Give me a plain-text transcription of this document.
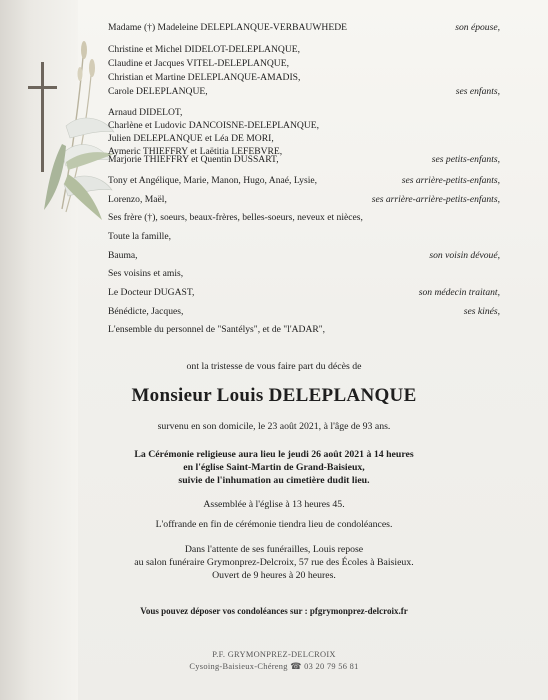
Madame (†) Madeleine DELEPLANQUE-VERBAUWHEDE	son épouse,
Christine et Michel DIDELOT-DELEPLANQUE,
Claudine et Jacques VITEL-DELEPLANQUE,
Christian et Martine DELEPLANQUE-AMADIS,
Carole DELEPLANQUE,	ses enfants,
Arnaud DIDELOT,
Charlène et Ludovic DANCOISNE-DELEPLANQUE,
Julien DELEPLANQUE et Léa DE MORI,
Aymeric THIEFFRY et Laëtitia LEFEBVRE,
Marjorie THIEFFRY et Quentin DUSSART,	ses petits-enfants,
Tony et Angélique, Marie, Manon, Hugo, Anaé, Lysie,	ses arrière-petits-enfants,
Lorenzo, Maël,	ses arrière-arrière-petits-enfants,
Ses frère (†), soeurs, beaux-frères, belles-soeurs, neveux et nièces,
Toute la famille,
Bauma,	son voisin dévoué,
Ses voisins et amis,
Le Docteur DUGAST,	son médecin traitant,
Bénédicte, Jacques,	ses kinés,
L'ensemble du personnel de "Santélys", et de "l'ADAR",
ont la tristesse de vous faire part du décès de
Monsieur Louis DELEPLANQUE
survenu en son domicile, le 23 août 2021, à l'âge de 93 ans.
La Cérémonie religieuse aura lieu le jeudi 26 août 2021 à 14 heures
en l'église Saint-Martin de Grand-Baisieux,
suivie de l'inhumation au cimetière dudit lieu.
Assemblée à l'église à 13 heures 45.
L'offrande en fin de cérémonie tiendra lieu de condoléances.
Dans l'attente de ses funérailles, Louis repose
au salon funéraire Grymonprez-Delcroix, 57 rue des Écoles à Baisieux.
Ouvert de 9 heures à 20 heures.
Vous pouvez déposer vos condoléances sur : pfgrymonprez-delcroix.fr
P.F. GRYMONPREZ-DELCROIX
Cysoing-Baisieux-Chéreng ☎ 03 20 79 56 81
